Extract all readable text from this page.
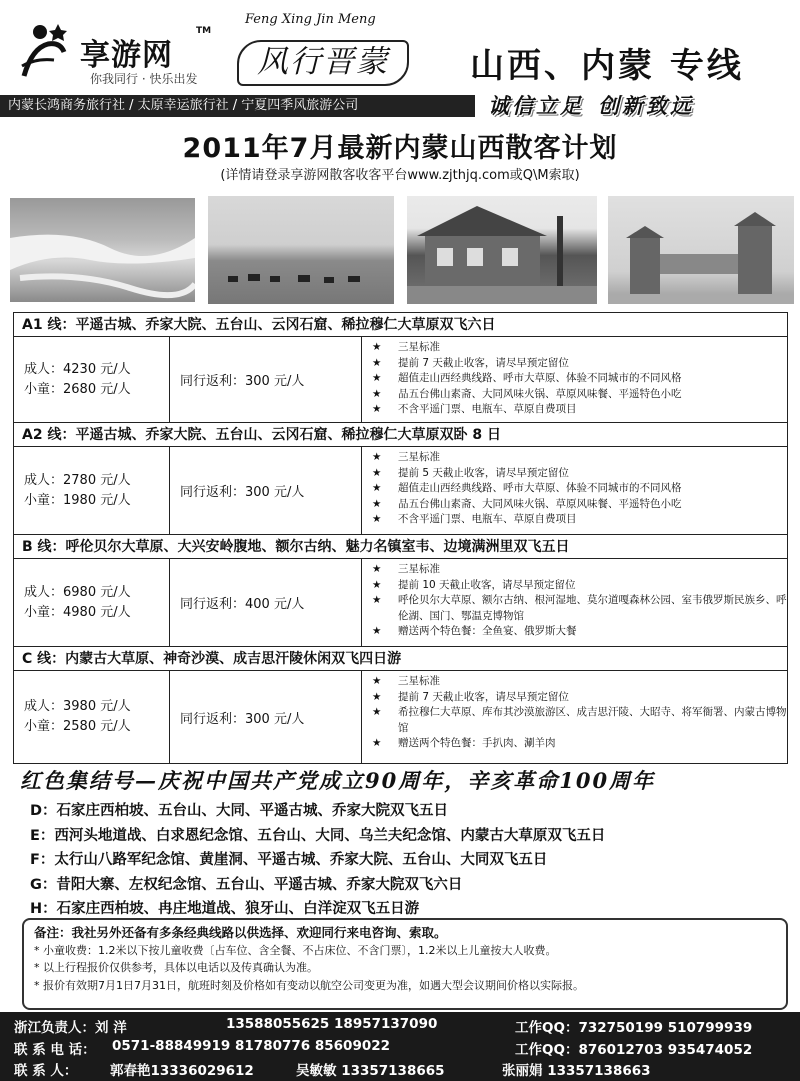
享游网
TM
你我同行 · 快乐出发
Feng Xing Jin Meng
风行晋蒙	山西、内蒙 专线
内蒙长鸿商务旅行社 / 太原幸运旅行社 / 宁夏四季风旅游公司	诚信立足 创新致远
2011年7月最新内蒙山西散客计划
(详情请登录享游网散客收客平台www.zjthjq.com或Q\M索取)
A1 线：平遥古城、乔家大院、五台山、云冈石窟、稀拉穆仁大草原双飞六日
成人：4230 元/人
小童：2680 元/人	同行返利：300 元/人
★	三星标准
★	提前 7 天截止收客，请尽早预定留位
★	超值走山西经典线路、呼市大草原、体验不同城市的不同风格
★	品五台佛山素斋、大同风味火锅、草原风味餐、平遥特色小吃
★	不含平遥门票、电瓶车、草原自费项目
A2 线：平遥古城、乔家大院、五台山、云冈石窟、稀拉穆仁大草原双卧 8 日
成人：2780 元/人
小童：1980 元/人	同行返利：300 元/人
★	三星标准
★	提前 5 天截止收客，请尽早预定留位
★	超值走山西经典线路、呼市大草原、体验不同城市的不同风格
★	品五台佛山素斋、大同风味火锅、草原风味餐、平遥特色小吃
★	不含平遥门票、电瓶车、草原自费项目
B 线：呼伦贝尔大草原、大兴安岭腹地、额尔古纳、魅力名镇室韦、边境满洲里双飞五日
成人：6980 元/人
小童：4980 元/人	同行返利：400 元/人
★	三星标准
★	提前 10 天截止收客，请尽早预定留位
★	呼伦贝尔大草原、额尔古纳、根河湿地、莫尔道嘎森林公园、室韦俄罗斯民族乡、呼伦湖、国门、鄂温克博物馆
★	赠送两个特色餐：全鱼宴、俄罗斯大餐
C 线：内蒙古大草原、神奇沙漠、成吉思汗陵休闲双飞四日游
成人：3980 元/人
小童：2580 元/人	同行返利：300 元/人
★	三星标准
★	提前 7 天截止收客，请尽早预定留位
★	希拉穆仁大草原、库布其沙漠旅游区、成吉思汗陵、大昭寺、将军衙署、内蒙古博物馆
★	赠送两个特色餐：手扒肉、涮羊肉
红色集结号—庆祝中国共产党成立90周年，辛亥革命100周年
D：石家庄西柏坡、五台山、大同、平遥古城、乔家大院双飞五日
E：西河头地道战、白求恩纪念馆、五台山、大同、乌兰夫纪念馆、内蒙古大草原双飞五日
F：太行山八路军纪念馆、黄崖洞、平遥古城、乔家大院、五台山、大同双飞五日
G：昔阳大寨、左权纪念馆、五台山、平遥古城、乔家大院双飞六日
H：石家庄西柏坡、冉庄地道战、狼牙山、白洋淀双飞五日游
备注：我社另外还备有多条经典线路以供选择、欢迎同行来电咨询、索取。
* 小童收费：1.2米以下按儿童收费〔占车位、含全餐、不占床位、不含门票〕，1.2米以上儿童按大人收费。
* 以上行程报价仅供参考，具体以电话以及传真确认为准。
* 报价有效期7月1日7月31日，航班时刻及价格如有变动以航空公司变更为准，如遇大型会议期间价格以实际报。
浙江负责人：刘 洋	13588055625 18957137090	工作QQ：732750199 510799939
联 系 电 话： 0571-88849919 81780776 85609022	工作QQ：876012703 935474052
联 系 人： 郭春艳13336029612	吴敏敏 13357138665	张丽娟 13357138663
